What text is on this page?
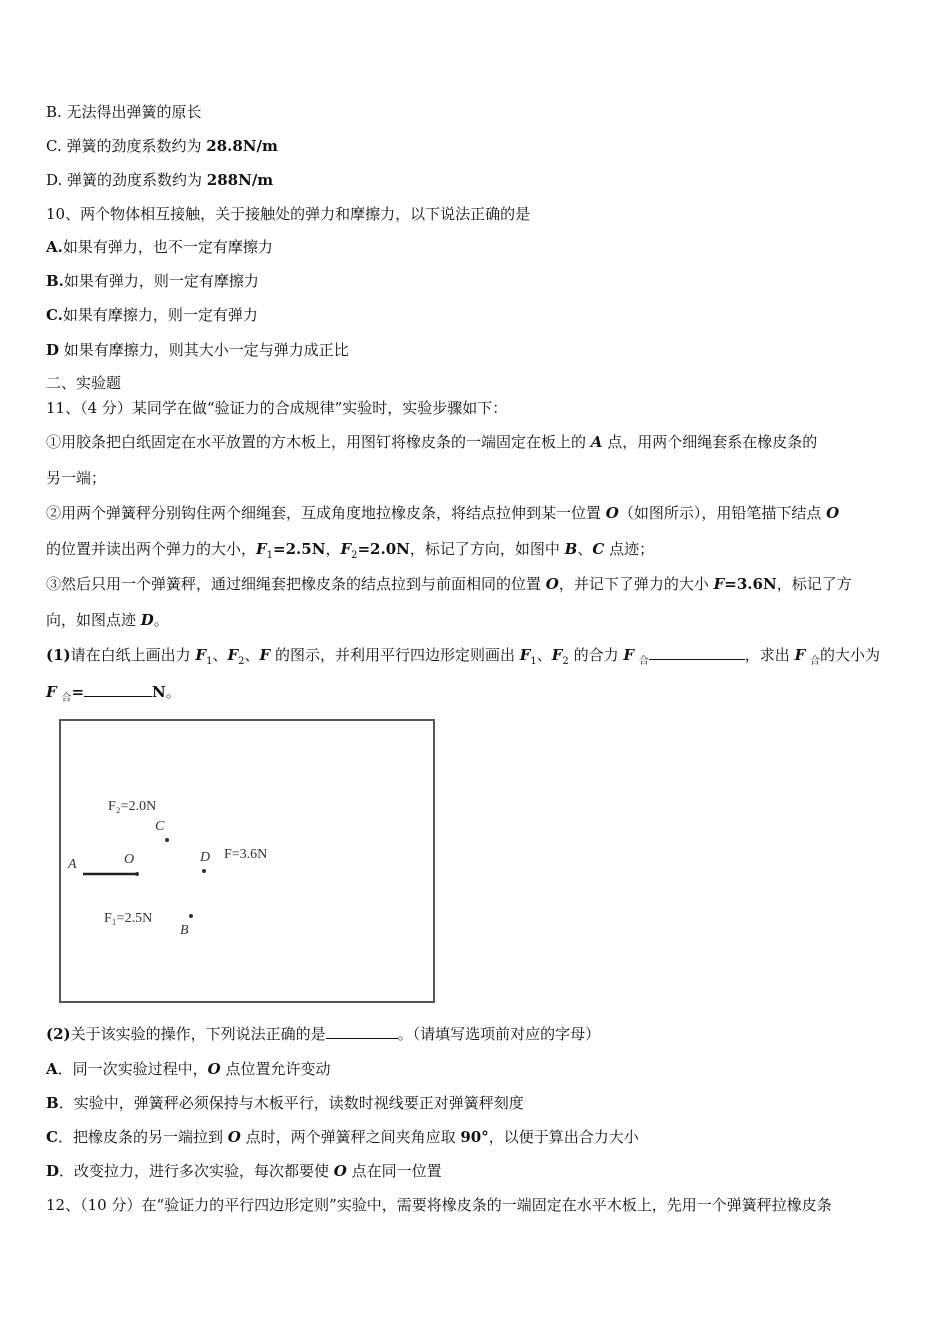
B. 无法得出弹簧的原长
C. 弹簧的劲度系数约为 28.8N/m
D. 弹簧的劲度系数约为 288N/m
10、两个物体相互接触，关于接触处的弹力和摩擦力，以下说法正确的是
A.如果有弹力，也不一定有摩擦力
B.如果有弹力，则一定有摩擦力
C.如果有摩擦力，则一定有弹力
D 如果有摩擦力，则其大小一定与弹力成正比
二、实验题
11、（4 分）某同学在做“验证力的合成规律”实验时，实验步骤如下：
①用胶条把白纸固定在水平放置的方木板上，用图钉将橡皮条的一端固定在板上的 A 点，用两个细绳套系在橡皮条的
另一端；
②用两个弹簧秤分别钩住两个细绳套，互成角度地拉橡皮条，将结点拉伸到某一位置 O（如图所示），用铅笔描下结点 O
的位置并读出两个弹力的大小，$F_1=2.5N$，$F_2=2.0N$，标记了方向，如图中 B、C 点迹；
③然后只用一个弹簧秤，通过细绳套把橡皮条的结点拉到与前面相同的位置 O，并记下了弹力的大小 F=3.6N，标记了方
向，如图点迹 D。
(1)请在白纸上画出力 $F_1$、$F_2$、F 的图示，并利用平行四边形定则画出 $F_1$、$F_2$ 的合力 F $_合$	，求出 F $_合$的大小为
F $_合$=	N。
A	O
F₂=2.0N
C
D F=3.6N
F₁=2.5N
B
(2)关于该实验的操作，下列说法正确的是	。（请填写选项前对应的字母）
A．同一次实验过程中，O 点位置允许变动
B．实验中，弹簧秤必须保持与木板平行，读数时视线要正对弹簧秤刻度
C．把橡皮条的另一端拉到 O 点时，两个弹簧秤之间夹角应取 90°，以便于算出合力大小
D．改变拉力，进行多次实验，每次都要使 O 点在同一位置
12、（10 分）在“验证力的平行四边形定则”实验中，需要将橡皮条的一端固定在水平木板上，先用一个弹簧秤拉橡皮条
